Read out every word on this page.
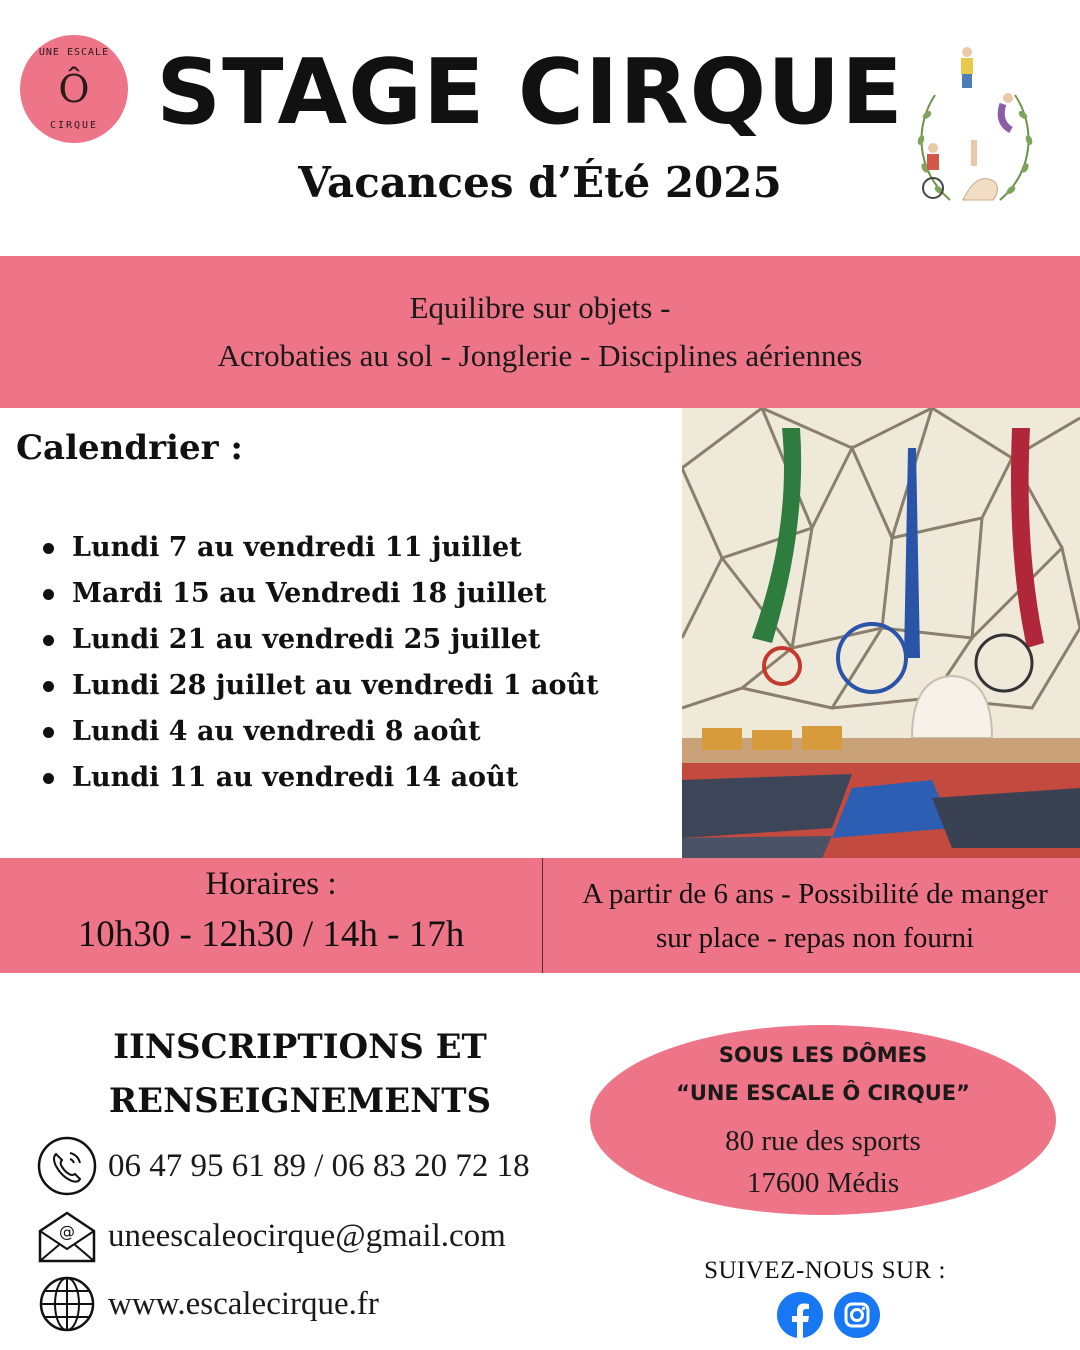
UNE ESCALE
Ô
CIRQUE STAGE CIRQUE
Vacances d’Été 2025
Equilibre sur objets -
Acrobaties au sol - Jonglerie - Disciplines aériennes
Calendrier :
Lundi 7 au vendredi 11 juillet
Mardi 15 au Vendredi 18 juillet
Lundi 21 au vendredi 25 juillet
Lundi 28 juillet au vendredi 1 août
Lundi 4 au vendredi 8 août
Lundi 11 au vendredi 14 août
Horaires :
10h30 - 12h30 / 14h - 17h
A partir de 6 ans - Possibilité de manger
sur place - repas non fourni
IINSCRIPTIONS ET
RENSEIGNEMENTS
06 47 95 61 89 / 06 83 20 72 18
@ uneescaleocirque@gmail.com
www.escalecirque.fr
SOUS LES DÔMES
“UNE ESCALE Ô CIRQUE”
80 rue des sports
17600 Médis
SUIVEZ-NOUS SUR :
